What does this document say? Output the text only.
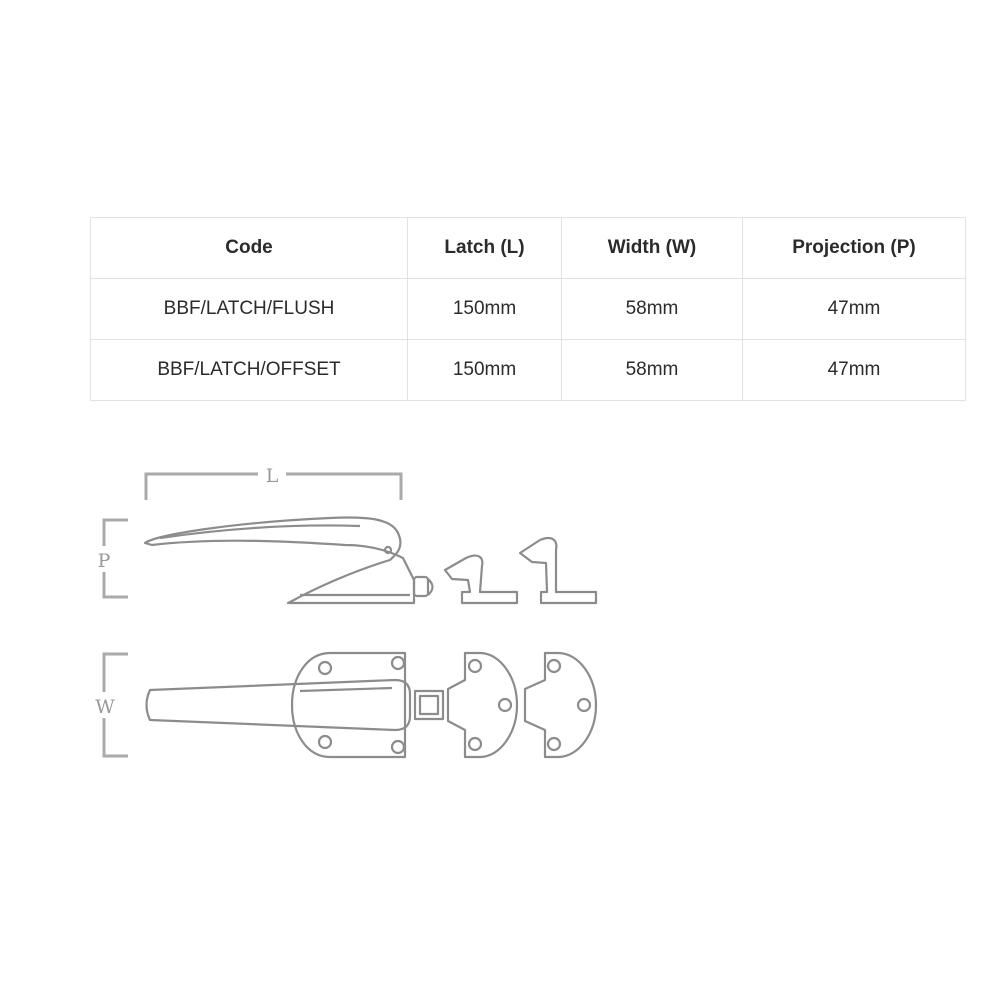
Code	Latch (L)	Width (W)	Projection (P)
BBF/LATCH/FLUSH	150mm	58mm	47mm
BBF/LATCH/OFFSET	150mm	58mm	47mm
L
P
W
